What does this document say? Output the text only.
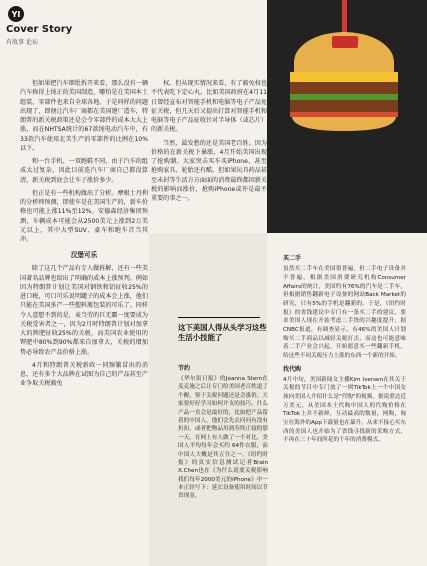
YI
Cover Story
有故事 论坛

但如果把汽车细纰拆开来看，那么没有一辆汽车称得上纯正的美国制造，哪怕是在美国本土组装，零部件也来自全球各地。于是同样的问题出现了，即便让汽车厂商都在美国建厂造车，特朗普的新关税政策还是会令零部件的成本大大上涨，而在NHTSA统计的67款纯电动汽车中，有33款汽车使用北美生产的零部件的比例在10%以下。

和一台手机、一双跑鞋不同，由于汽车的组成太过复杂，因此目前连汽车厂商自己都没算清，新关税到底会让车子涨价多少。

但正是有一些机构做出了分析。摩根士丹利的分析师预测，即使车是在美国生产的，新车价格也可能上涨11%至12%。安德森经济集团预测，车辆成本可能会从2500美元上涨到2万美元以上，其中大型SUV、豪车和跑车首当其冲。

汉堡可乐

除了这几个产品有专人做拆解，还有一些美国著名品牌也给出了明确的成本上涨预判。例如因为特朗普计划让美国对钢铁和铝征收25%的进口税，可口可乐说明罐子的成本会上涨，他们只能在美国多产一些塑料瓶包装的可乐了。同样令人意想不到的是，麦当劳的巨无霸一度要成为关税受害者之一，因为2月时特朗普计划对加拿大的牌肥征收25%的关税，而美国农业使用的钾肥中80%到90%都来自加拿大，关税的增加势必导致农产品价格上涨。

4月和特朗普关税新政一同频繁冒出的消息，还有多个大品牌在试图为自己的产品甚至产业争取关税豁免

权。但从现实情况来看，有了豁免权也不代表吃下定心丸。比如美国政府在4月11日曾经宣布对智能手机和电脑等电子产品免征关税，但几天后又提出打算对智能手机和电脑等电子产品征收针对半导体（或芯片）的新关税。

当然，最发愁的还是美国老百姓。因为价格的在新关税下暴涨，4月开始美国出现了抢购潮。大家突击买车买iPhone，甚至抢购家具、轮胎还有酷。但如果玩具药品甚至未封等生活方方面面的消费最终都因新关税的影响而涨价，抢购iPhone或许是最不重要的事之一。

这下美国人得从头学习这些生活小技能了
节约
《华尔街日报》的Joanna Stern在麦克施之后让专门给美国老百姓道了个醒，鉴于关税问题还是会涨价，大家要好好学习如何开支的技巧，什么产品一直会是最好的，比如把产品留着的中国人，他们会先去问问有没有折扣，或者把物品用到寿终正寝的那一天。在网上有人做了一个对比，美国人平均每年会买约 64件衣服，而中国人大概是其五分之一。《纽约时报》的真实信息测试记者Brain X.Chen也在《为什么说要关税影响我们每年2000美元的iPhone》中一本正经写下：延长设备使用时间以节省现金。
买二手

虽然买二手车在美国很普遍，但二手电子设备并不普遍。根据美国消费研究机构Consumer Affairs的统计，美国约有76%的汽车是二手车，但根据销售翻新电子设备的网站Back Market的研究，只有5%的手机是翻新的。于是，《纽约时报》的省钱建议中专门有一条买二手的建议，要求美国人现在开始考虑二手货的兴趣度提升，据CNBC报道，有调查显示，有46%的美国人计划购买二手商品以减轻关税打击，而这也可能意味着二手产业会兴起，开始愿意买一些翻新手机，给这些不同关税压力上涨的东西一个新的开始。

找代购

4月中旬，美国新闻女主播Kim Iversen在其关于关税的节目中专门放了一则TikTok上一个中国女孩向美国人介绍什么是"代购"的视频。据说重达近万美元，从美国本土代购中国人的代购价格在TikTok上并不新鲜，互动最高的数量，网购，淘宝在海外的App下载量也在暴升。从来不接心买东西的美国人也开始为了省钱寻找新的采购方式，不再在三十年间所花的千年的消费模式。
